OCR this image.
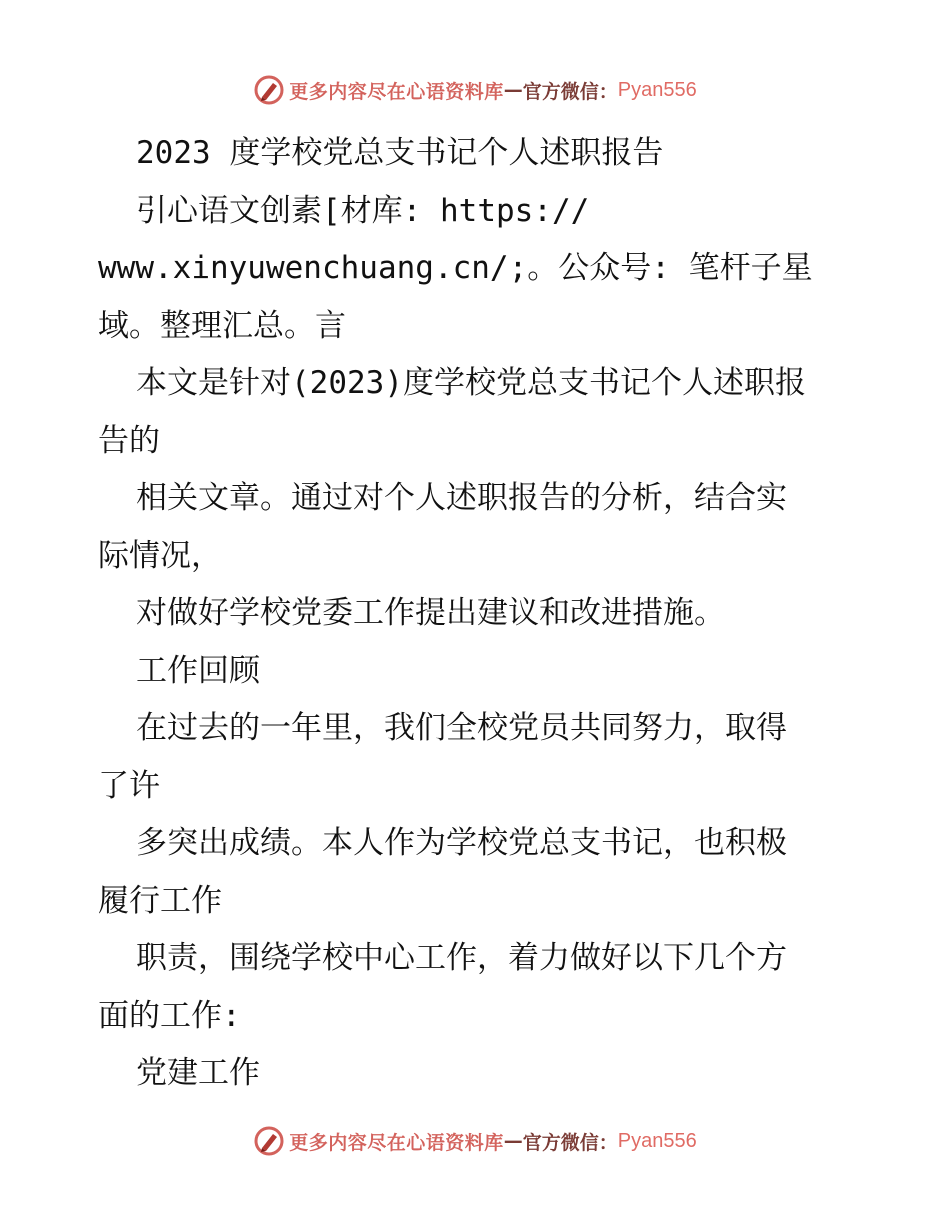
更多内容尽在心语资料库 — 官方微信： Pyan556
2023 度学校党总支书记个人述职报告
引心语文创素[材库: https://
www.xinyuwenchuang.cn/;。公众号: 笔杆子星
域。整理汇总。言
本文是针对(2023)度学校党总支书记个人述职报
告的
相关文章。通过对个人述职报告的分析，结合实
际情况，
对做好学校党委工作提出建议和改进措施。
工作回顾
在过去的一年里，我们全校党员共同努力，取得
了许
多突出成绩。本人作为学校党总支书记，也积极
履行工作
职责，围绕学校中心工作，着力做好以下几个方
面的工作:
党建工作
更多内容尽在心语资料库 — 官方微信： Pyan556
